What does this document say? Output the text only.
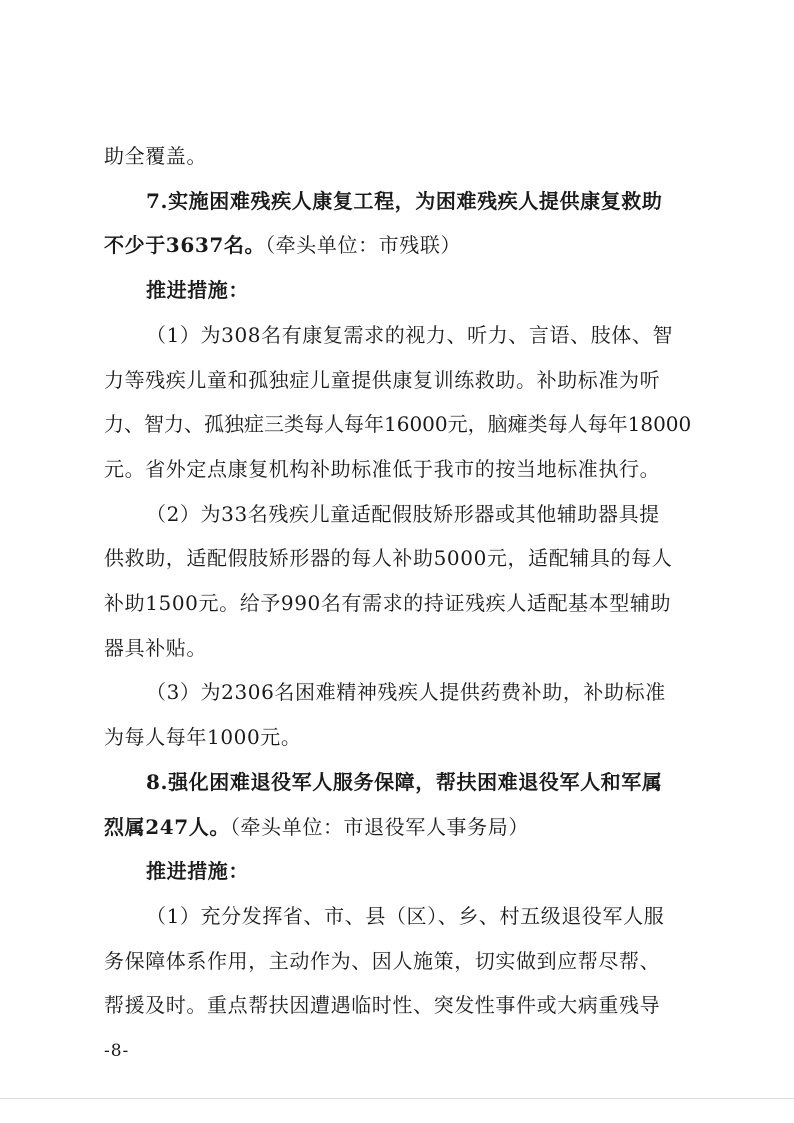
助全覆盖。
7.实施困难残疾人康复工程，为困难残疾人提供康复救助
不少于3637名。（牵头单位：市残联）
推进措施：
（1）为308名有康复需求的视力、听力、言语、肢体、智
力等残疾儿童和孤独症儿童提供康复训练救助。补助标准为听
力、智力、孤独症三类每人每年16000元，脑瘫类每人每年18000
元。省外定点康复机构补助标准低于我市的按当地标准执行。
（2）为33名残疾儿童适配假肢矫形器或其他辅助器具提
供救助，适配假肢矫形器的每人补助5000元，适配辅具的每人
补助1500元。给予990名有需求的持证残疾人适配基本型辅助
器具补贴。
（3）为2306名困难精神残疾人提供药费补助，补助标准
为每人每年1000元。
8.强化困难退役军人服务保障，帮扶困难退役军人和军属
烈属247人。（牵头单位：市退役军人事务局）
推进措施：
（1）充分发挥省、市、县（区）、乡、村五级退役军人服
务保障体系作用，主动作为、因人施策，切实做到应帮尽帮、
-8-
帮援及时。重点帮扶因遭遇临时性、突发性事件或大病重残导
